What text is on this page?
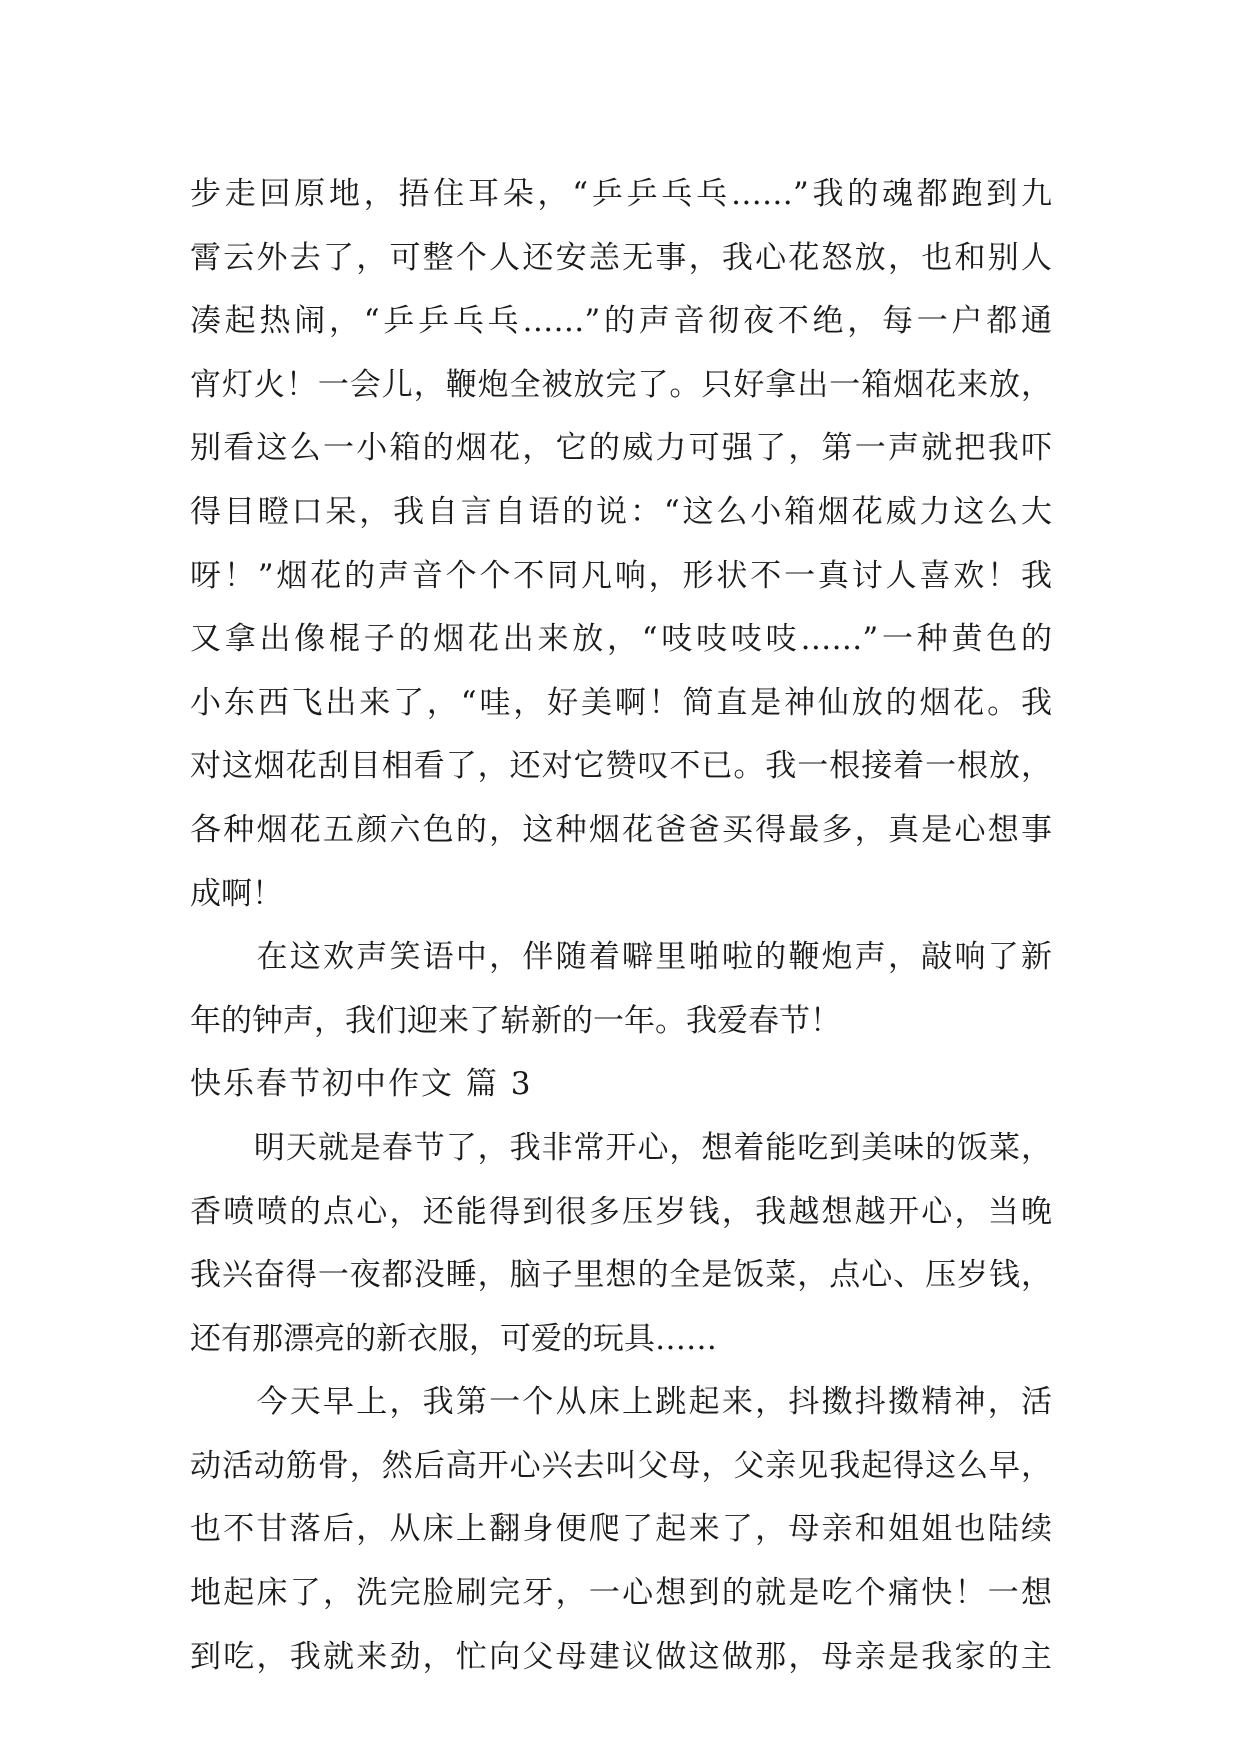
步走回原地，捂住耳朵，“乒乒乓乓……”我的魂都跑到九
霄云外去了，可整个人还安恙无事，我心花怒放，也和别人
凑起热闹，“乒乒乓乓……”的声音彻夜不绝，每一户都通
宵灯火！一会儿，鞭炮全被放完了。只好拿出一箱烟花来放，
别看这么一小箱的烟花，它的威力可强了，第一声就把我吓
得目瞪口呆，我自言自语的说：“这么小箱烟花威力这么大
呀！”烟花的声音个个不同凡响，形状不一真讨人喜欢！我
又拿出像棍子的烟花出来放，“吱吱吱吱……”一种黄色的
小东西飞出来了，“哇，好美啊！简直是神仙放的烟花。我
对这烟花刮目相看了，还对它赞叹不已。我一根接着一根放，
各种烟花五颜六色的，这种烟花爸爸买得最多，真是心想事
成啊！
　　在这欢声笑语中，伴随着噼里啪啦的鞭炮声，敲响了新
年的钟声，我们迎来了崭新的一年。我爱春节！
快乐春节初中作文 篇 3
　　明天就是春节了，我非常开心，想着能吃到美味的饭菜，
香喷喷的点心，还能得到很多压岁钱，我越想越开心，当晚
我兴奋得一夜都没睡，脑子里想的全是饭菜，点心、压岁钱，
还有那漂亮的新衣服，可爱的玩具……
　　今天早上，我第一个从床上跳起来，抖擞抖擞精神，活
动活动筋骨，然后高开心兴去叫父母，父亲见我起得这么早，
也不甘落后，从床上翻身便爬了起来了，母亲和姐姐也陆续
地起床了，洗完脸刷完牙，一心想到的就是吃个痛快！一想
到吃，我就来劲，忙向父母建议做这做那，母亲是我家的主
